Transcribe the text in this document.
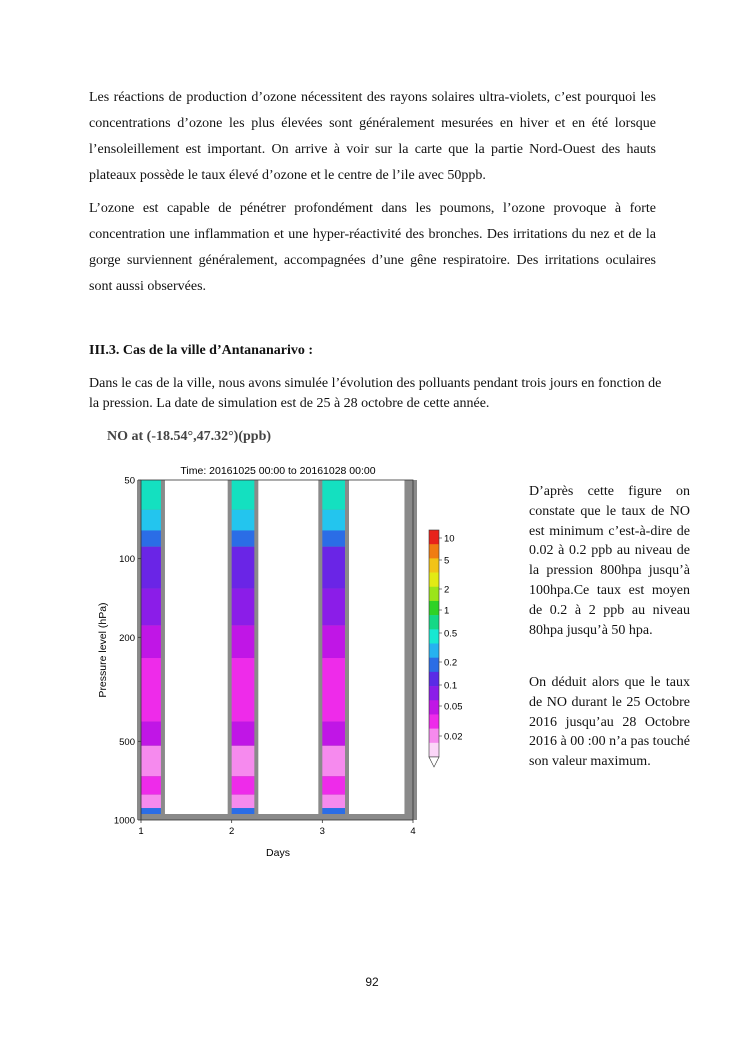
Les réactions de production d’ozone nécessitent des rayons solaires ultra-violets, c’est pourquoi les concentrations d’ozone les plus élevées sont généralement mesurées en hiver et en été lorsque l’ensoleillement est important. On arrive à voir sur la carte que la partie Nord-Ouest des hauts plateaux possède le taux élevé d’ozone et le centre de l’ile avec 50ppb.

L’ozone est capable de pénétrer profondément dans les poumons, l’ozone provoque à forte concentration une inflammation et une hyper-réactivité des bronches. Des irritations du nez et de la gorge surviennent généralement, accompagnées d’une gêne respiratoire. Des irritations oculaires sont aussi observées.

III.3. Cas de la ville d’Antananarivo :

Dans le cas de la ville, nous avons simulée l’évolution des polluants pendant trois jours en fonction de la pression. La date de simulation est de 25 à 28 octobre de cette année.

NO at (-18.54°,47.32°)(ppb)

Time: 20161025 00:00 to 20161028 00:00
50
100
200
500
1000
1	2	3	4
Days
Pressure level (hPa)
10
5
2
1
0.5
0.2
0.1
0.05
0.02

D’après cette figure on constate que le taux de NO est minimum c’est-à-dire de 0.02 à 0.2 ppb au niveau de la pression 800hpa jusqu’à 100hpa.Ce taux est moyen de 0.2 à 2 ppb au niveau 80hpa jusqu’à 50 hpa.

On déduit alors que le taux de NO durant le 25 Octobre 2016 jusqu’au 28 Octobre 2016 à 00 :00 n’a pas touché son valeur maximum.

92
